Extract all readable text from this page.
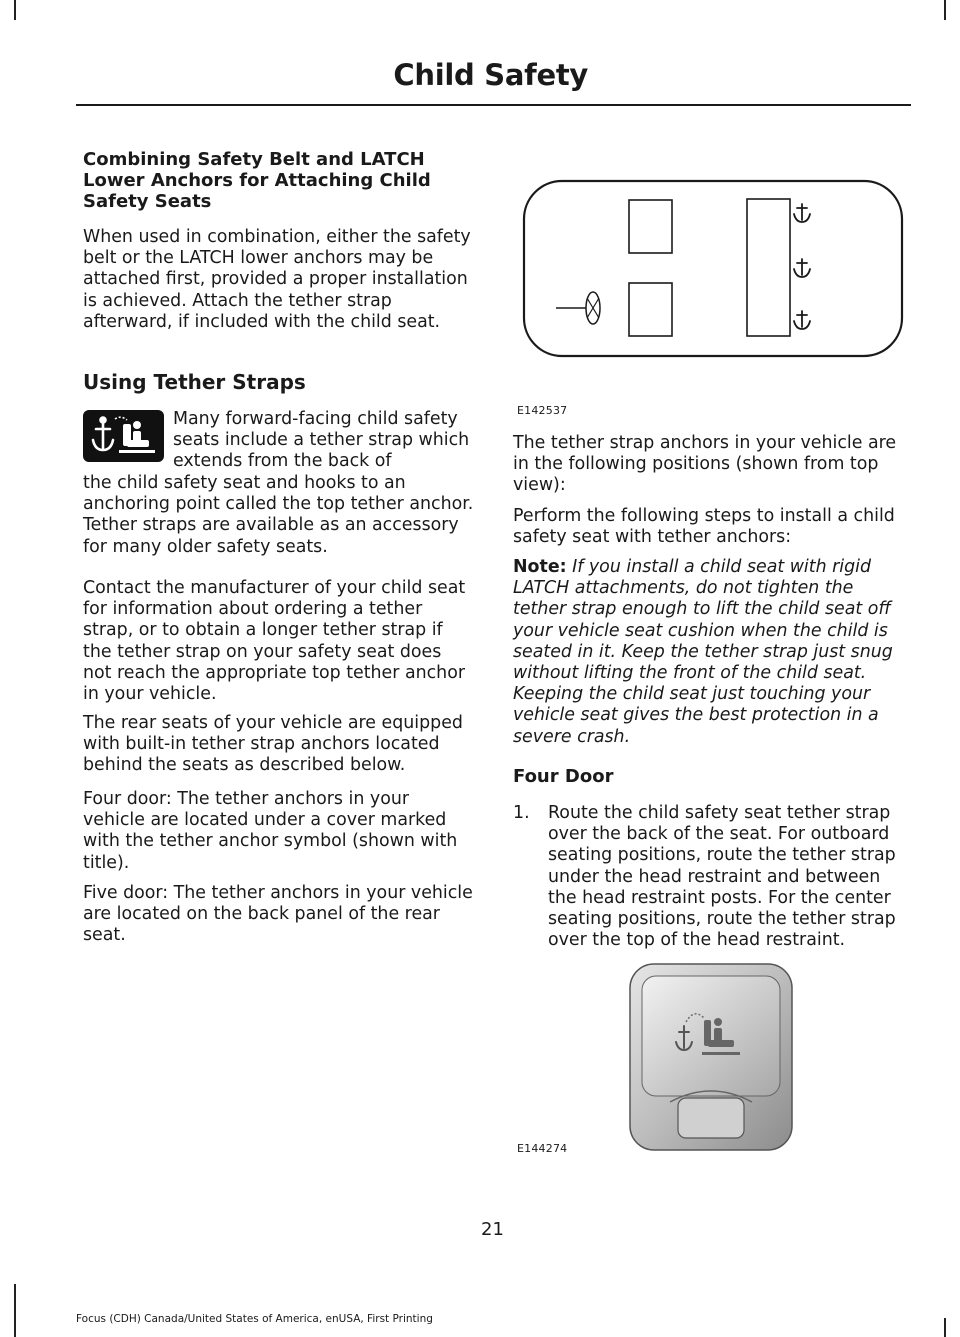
Child Safety
Combining Safety Belt and LATCH Lower Anchors for Attaching Child Safety Seats

When used in combination, either the safety belt or the LATCH lower anchors may be attached first, provided a proper installation is achieved. Attach the tether strap afterward, if included with the child seat.

Using Tether Straps

Many forward-facing child safety seats include a tether strap which extends from the back of

the child safety seat and hooks to an anchoring point called the top tether anchor. Tether straps are available as an accessory for many older safety seats.

Contact the manufacturer of your child seat for information about ordering a tether strap, or to obtain a longer tether strap if the tether strap on your safety seat does not reach the appropriate top tether anchor in your vehicle.

The rear seats of your vehicle are equipped with built-in tether strap anchors located behind the seats as described below.

Four door: The tether anchors in your vehicle are located under a cover marked with the tether anchor symbol (shown with title).

Five door: The tether anchors in your vehicle are located on the back panel of the rear seat.

E142537

The tether strap anchors in your vehicle are in the following positions (shown from top view):

Perform the following steps to install a child safety seat with tether anchors:

Note: If you install a child seat with rigid LATCH attachments, do not tighten the tether strap enough to lift the child seat off your vehicle seat cushion when the child is seated in it. Keep the tether strap just snug without lifting the front of the child seat. Keeping the child seat just touching your vehicle seat gives the best protection in a severe crash.

Four Door
1. Route the child safety seat tether strap over the back of the seat. For outboard seating positions, route the tether strap under the head restraint and between the head restraint posts. For the center seating positions, route the tether strap over the top of the head restraint.
E144274
21
Focus (CDH) Canada/United States of America, enUSA, First Printing
